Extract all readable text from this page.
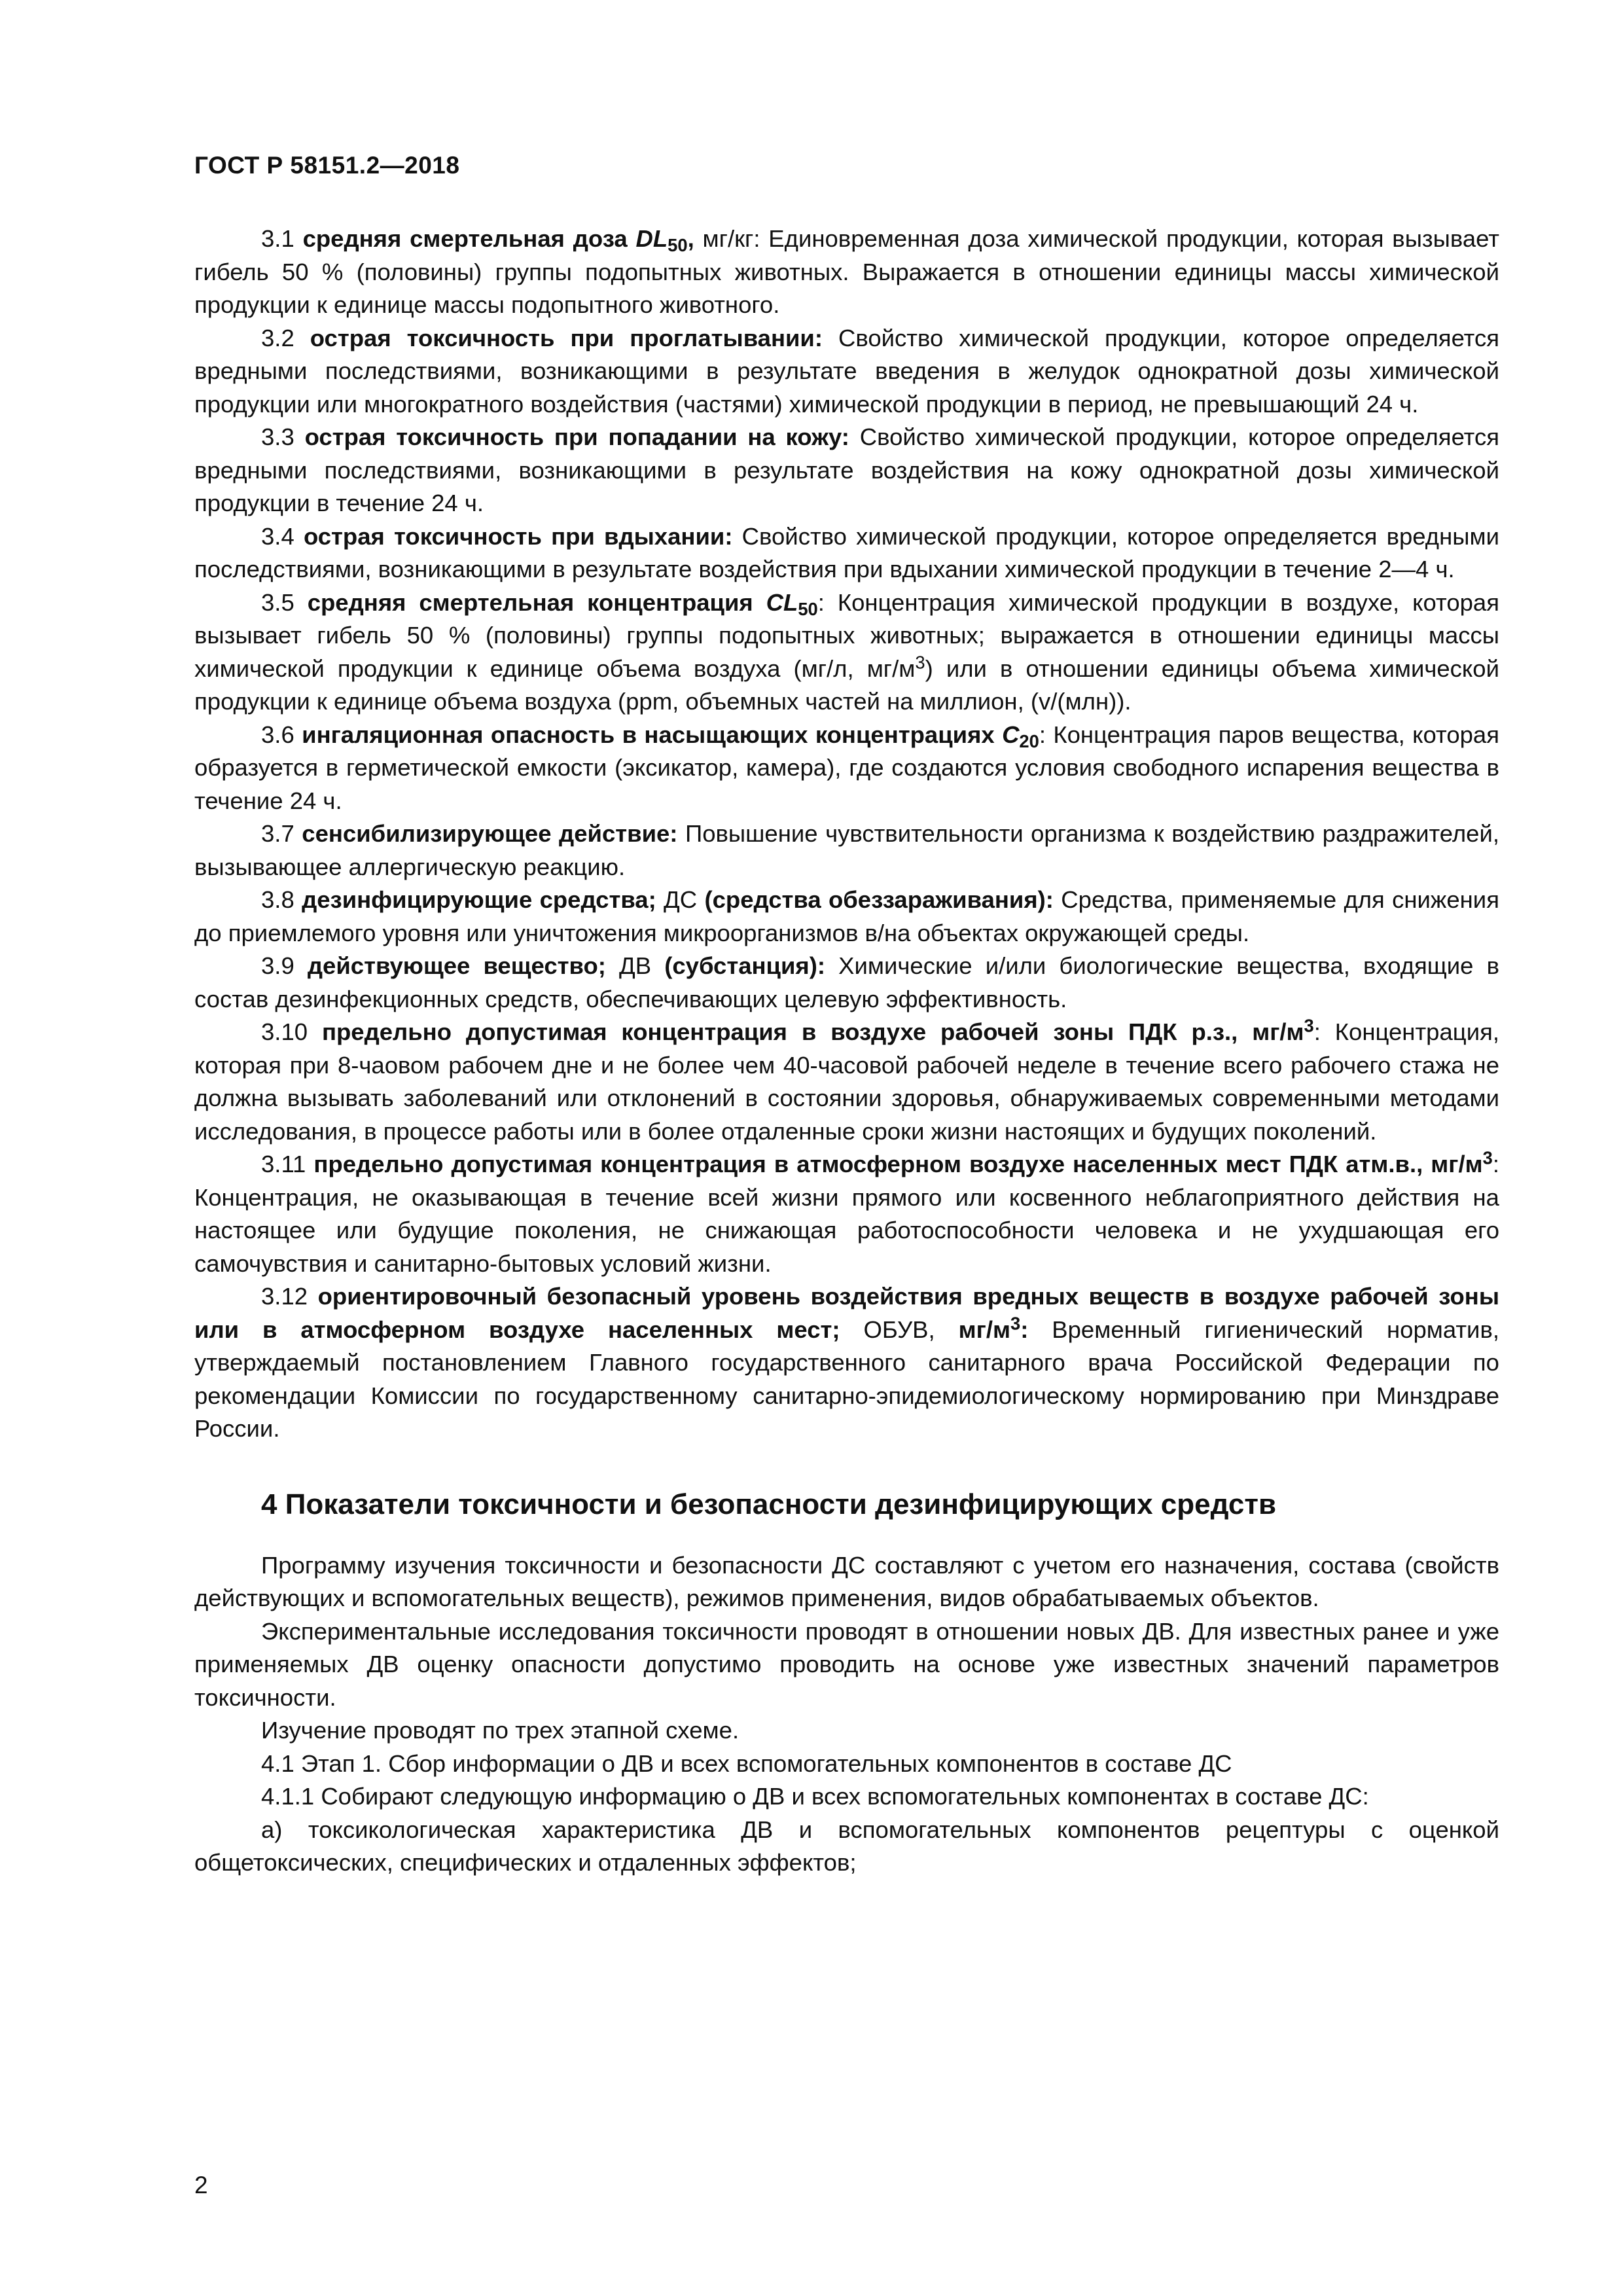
ГОСТ Р 58151.2—2018

3.1 средняя смертельная доза $DL_{50}$, мг/кг: Единовременная доза химической продукции, которая вызывает гибель 50 % (половины) группы подопытных животных. Выражается в отношении единицы массы химической продукции к единице массы подопытного животного.

3.2 острая токсичность при проглатывании: Свойство химической продукции, которое определяется вредными последствиями, возникающими в результате введения в желудок однократной дозы химической продукции или многократного воздействия (частями) химической продукции в период, не превышающий 24 ч.

3.3 острая токсичность при попадании на кожу: Свойство химической продукции, которое определяется вредными последствиями, возникающими в результате воздействия на кожу однократной дозы химической продукции в течение 24 ч.

3.4 острая токсичность при вдыхании: Свойство химической продукции, которое определяется вредными последствиями, возникающими в результате воздействия при вдыхании химической продукции в течение 2—4 ч.

3.5 средняя смертельная концентрация $CL_{50}$: Концентрация химической продукции в воздухе, которая вызывает гибель 50 % (половины) группы подопытных животных; выражается в отношении единицы массы химической продукции к единице объема воздуха (мг/л, $мг/м^3$) или в отношении единицы объема химической продукции к единице объема воздуха (ppm, объемных частей на миллион, (v/(млн)).

3.6 ингаляционная опасность в насыщающих концентрациях $C_{20}$: Концентрация паров вещества, которая образуется в герметической емкости (эксикатор, камера), где создаются условия свободного испарения вещества в течение 24 ч.

3.7 сенсибилизирующее действие: Повышение чувствительности организма к воздействию раздражителей, вызывающее аллергическую реакцию.

3.8 дезинфицирующие средства; ДС (средства обеззараживания): Средства, применяемые для снижения до приемлемого уровня или уничтожения микроорганизмов в/на объектах окружающей среды.

3.9 действующее вещество; ДВ (субстанция): Химические и/или биологические вещества, входящие в состав дезинфекционных средств, обеспечивающих целевую эффективность.

3.10 предельно допустимая концентрация в воздухе рабочей зоны ПДК р.з., $мг/м^3$: Концентрация, которая при 8-чаовом рабочем дне и не более чем 40-часовой рабочей неделе в течение всего рабочего стажа не должна вызывать заболеваний или отклонений в состоянии здоровья, обнаруживаемых современными методами исследования, в процессе работы или в более отдаленные сроки жизни настоящих и будущих поколений.

3.11 предельно допустимая концентрация в атмосферном воздухе населенных мест ПДК атм.в., $мг/м^3$: Концентрация, не оказывающая в течение всей жизни прямого или косвенного неблагоприятного действия на настоящее или будущие поколения, не снижающая работоспособности человека и не ухудшающая его самочувствия и санитарно-бытовых условий жизни.

3.12 ориентировочный безопасный уровень воздействия вредных веществ в воздухе рабочей зоны или в атмосферном воздухе населенных мест; ОБУВ, $мг/м^3$: Временный гигиенический норматив, утверждаемый постановлением Главного государственного санитарного врача Российской Федерации по рекомендации Комиссии по государственному санитарно-эпидемиологическому нормированию при Минздраве России.

4 Показатели токсичности и безопасности дезинфицирующих средств

Программу изучения токсичности и безопасности ДС составляют с учетом его назначения, состава (свойств действующих и вспомогательных веществ), режимов применения, видов обрабатываемых объектов.

Экспериментальные исследования токсичности проводят в отношении новых ДВ. Для известных ранее и уже применяемых ДВ оценку опасности допустимо проводить на основе уже известных значений параметров токсичности.

Изучение проводят по трех этапной схеме.

4.1 Этап 1. Сбор информации о ДВ и всех вспомогательных компонентов в составе ДС

4.1.1 Собирают следующую информацию о ДВ и всех вспомогательных компонентах в составе ДС:

а) токсикологическая характеристика ДВ и вспомогательных компонентов рецептуры с оценкой общетоксических, специфических и отдаленных эффектов;

2
